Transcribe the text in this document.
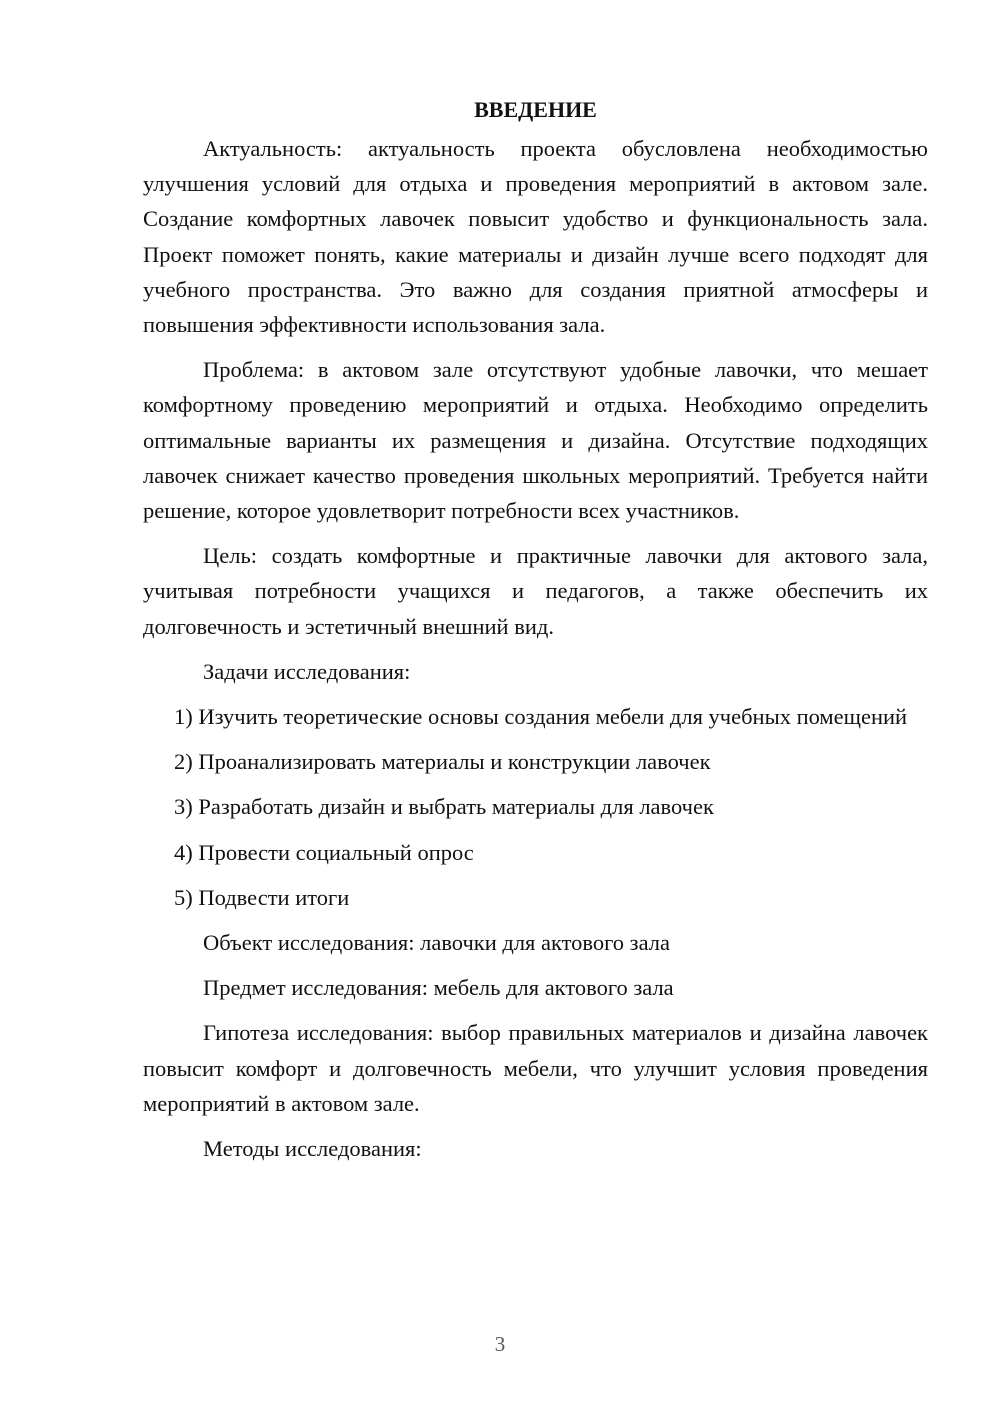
ВВЕДЕНИЕ

Актуальность: актуальность проекта обусловлена необходимостью улучшения условий для отдыха и проведения мероприятий в актовом зале. Создание комфортных лавочек повысит удобство и функциональность зала. Проект поможет понять, какие материалы и дизайн лучше всего подходят для учебного пространства. Это важно для создания приятной атмосферы и повышения эффективности использования зала.

Проблема: в актовом зале отсутствуют удобные лавочки, что мешает комфортному проведению мероприятий и отдыха. Необходимо определить оптимальные варианты их размещения и дизайна. Отсутствие подходящих лавочек снижает качество проведения школьных мероприятий. Требуется найти решение, которое удовлетворит потребности всех участников.

Цель: создать комфортные и практичные лавочки для актового зала, учитывая потребности учащихся и педагогов, а также обеспечить их долговечность и эстетичный внешний вид.

Задачи исследования:

1) Изучить теоретические основы создания мебели для учебных помещений

2) Проанализировать материалы и конструкции лавочек

3) Разработать дизайн и выбрать материалы для лавочек

4) Провести социальный опрос

5) Подвести итоги

Объект исследования: лавочки для актового зала

Предмет исследования: мебель для актового зала

Гипотеза исследования: выбор правильных материалов и дизайна лавочек повысит комфорт и долговечность мебели, что улучшит условия проведения мероприятий в актовом зале.

Методы исследования:

3
